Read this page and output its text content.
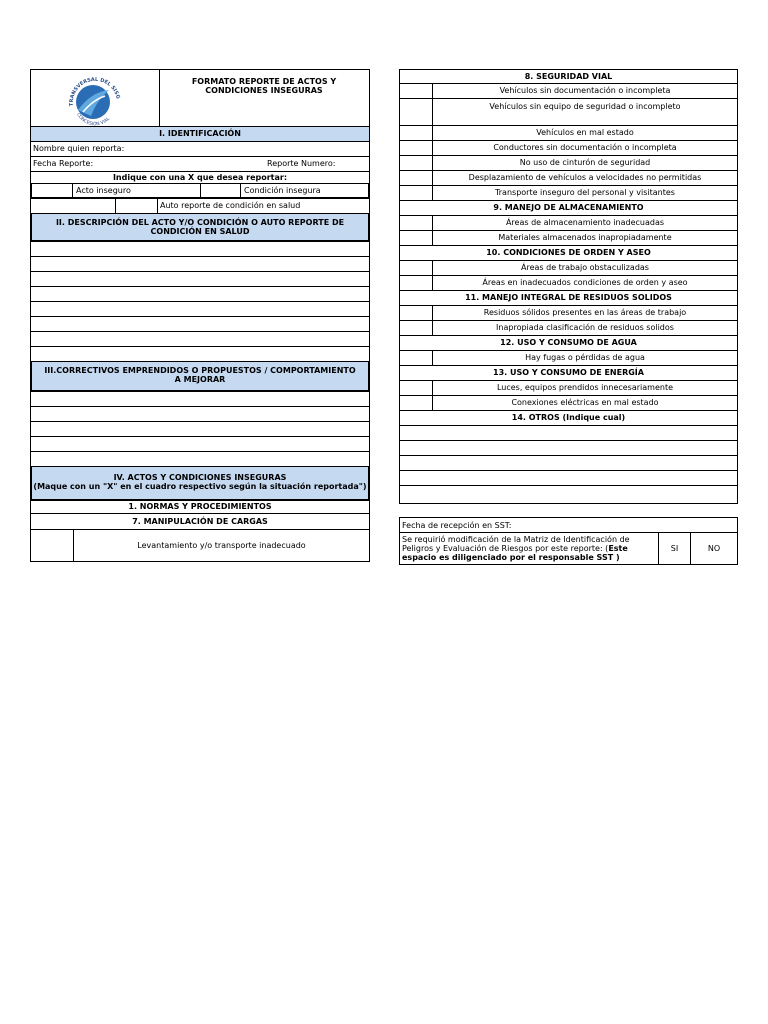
TRANSVERSAL DEL SISG
CONCESIÓN VIAL
FORMATO REPORTE DE ACTOS Y CONDICIONES INSEGURAS
I. IDENTIFICACIÓN
Nombre quien reporta:
Fecha Reporte:	Reporte Numero:
Indique con una X que desea reportar:
Acto inseguro	Condición insegura
Auto reporte de condición en salud
II. DESCRIPCIÓN DEL ACTO Y/O CONDICIÓN O AUTO REPORTE DE CONDICIÓN EN SALUD
III.CORRECTIVOS EMPRENDIDOS O PROPUESTOS / COMPORTAMIENTO A MEJORAR
IV. ACTOS Y CONDICIONES INSEGURAS
(Maque con un "X" en el cuadro respectivo según la situación reportada")
1. NORMAS Y PROCEDIMIENTOS
7. MANIPULACIÓN DE CARGAS
Levantamiento y/o transporte inadecuado
8. SEGURIDAD VIAL
Vehículos sin documentación o incompleta
Vehículos sin equipo de seguridad o incompleto
Vehículos en mal estado
Conductores sin documentación o incompleta
No uso de cinturón de seguridad
Desplazamiento de vehículos a velocidades no permitidas
Transporte inseguro del personal y visitantes
9. MANEJO DE ALMACENAMIENTO
Áreas de almacenamiento inadecuadas
Materiales almacenados inapropiadamente
10. CONDICIONES DE ORDEN Y ASEO
Áreas de trabajo obstaculizadas
Áreas en inadecuados condiciones de orden y aseo
11. MANEJO INTEGRAL DE RESIDUOS SOLIDOS
Residuos sólidos presentes en las áreas de trabajo
Inapropiada clasificación de residuos solidos
12. USO Y CONSUMO DE AGUA
Hay fugas o pérdidas de agua
13. USO Y CONSUMO DE ENERGÍA
Luces, equipos prendidos innecesariamente
Conexiones eléctricas en mal estado
14. OTROS (Indique cual)
Fecha de recepción en SST:
Se requirió modificación de la Matriz de Identificación de Peligros y Evaluación de Riesgos por este reporte: (Este espacio es diligenciado por el responsable SST )
SI	NO
